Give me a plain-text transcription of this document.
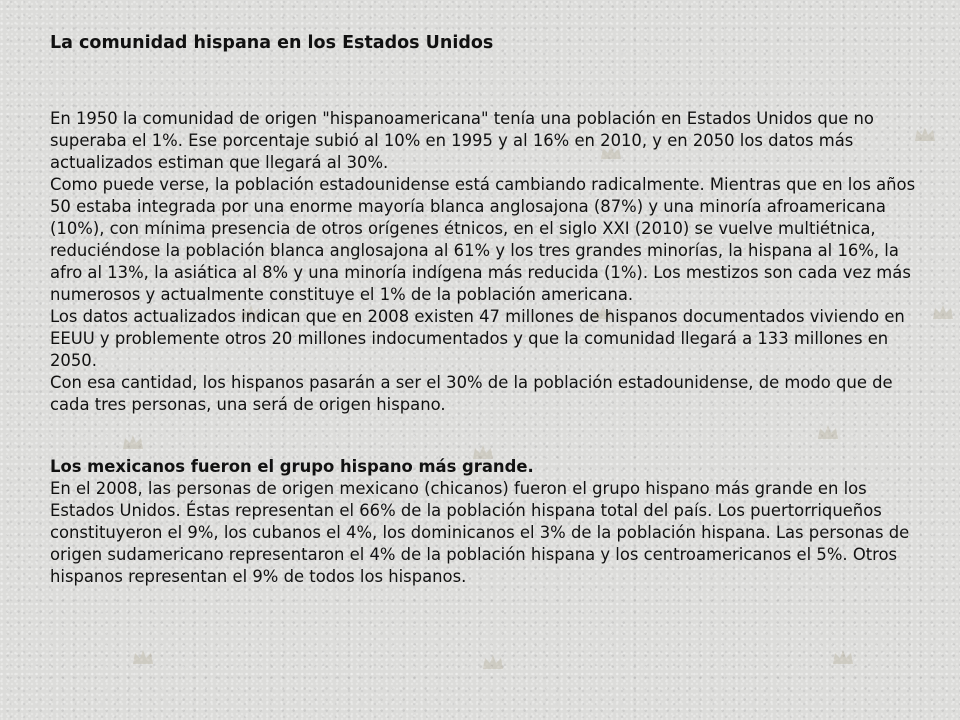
La comunidad hispana en los Estados Unidos

En 1950 la comunidad de origen "hispanoamericana" tenía una población en Estados Unidos que no superaba el 1%. Ese porcentaje subió al 10% en 1995 y al 16% en 2010, y en 2050 los datos más actualizados estiman que llegará al 30%.

Como puede verse, la población estadounidense está cambiando radicalmente. Mientras que en los años 50 estaba integrada por una enorme mayoría blanca anglosajona (87%) y una minoría afroamericana (10%), con mínima presencia de otros orígenes étnicos, en el siglo XXI (2010) se vuelve multiétnica, reduciéndose la población blanca anglosajona al 61% y los tres grandes minorías, la hispana al 16%, la afro al 13%, la asiática al 8% y una minoría indígena más reducida (1%). Los mestizos son cada vez más numerosos y actualmente constituye el 1% de la población americana.

Los datos actualizados indican que en 2008 existen 47 millones de hispanos documentados viviendo en EEUU y problemente otros 20 millones indocumentados y que la comunidad llegará a 133 millones en 2050.

Con esa cantidad, los hispanos pasarán a ser el 30% de la población estadounidense, de modo que de cada tres personas, una será de origen hispano.

Los mexicanos fueron el grupo hispano más grande.

En el 2008, las personas de origen mexicano (chicanos) fueron el grupo hispano más grande en los Estados Unidos. Éstas representan el 66% de la población hispana total del país. Los puertorriqueños constituyeron el 9%, los cubanos el 4%, los dominicanos el 3% de la población hispana. Las personas de origen sudamericano representaron el 4% de la población hispana y los centroamericanos el 5%. Otros hispanos representan el 9% de todos los hispanos.
